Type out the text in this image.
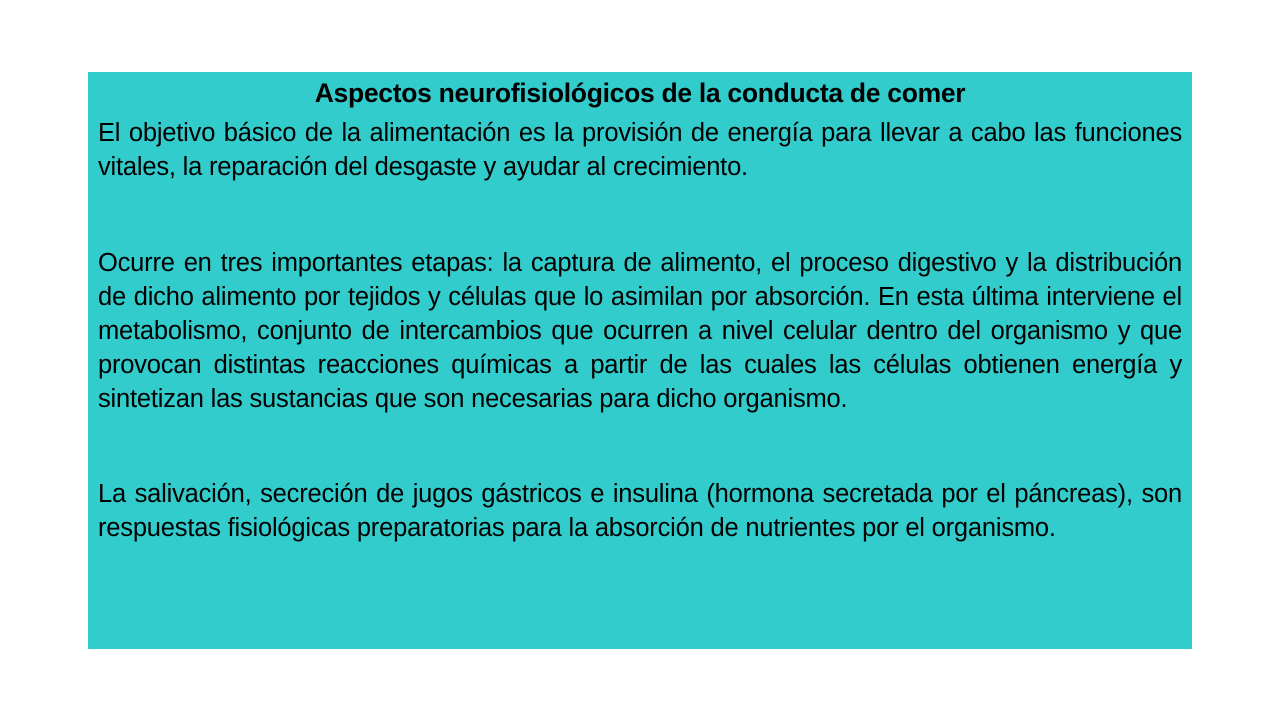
Aspectos neurofisiológicos de la conducta de comer

El objetivo básico de la alimentación es la provisión de energía para llevar a cabo las funciones vitales, la reparación del desgaste y ayudar al crecimiento.

Ocurre en tres importantes etapas: la captura de alimento, el proceso digestivo y la distribución de dicho alimento por tejidos y células que lo asimilan por absorción. En esta última interviene el metabolismo, conjunto de intercambios que ocurren a nivel celular dentro del organismo y que provocan distintas reacciones químicas a partir de las cuales las células obtienen energía y sintetizan las sustancias que son necesarias para dicho organismo.

La salivación, secreción de jugos gástricos e insulina (hormona secretada por el páncreas), son respuestas fisiológicas preparatorias para la absorción de nutrientes por el organismo.
